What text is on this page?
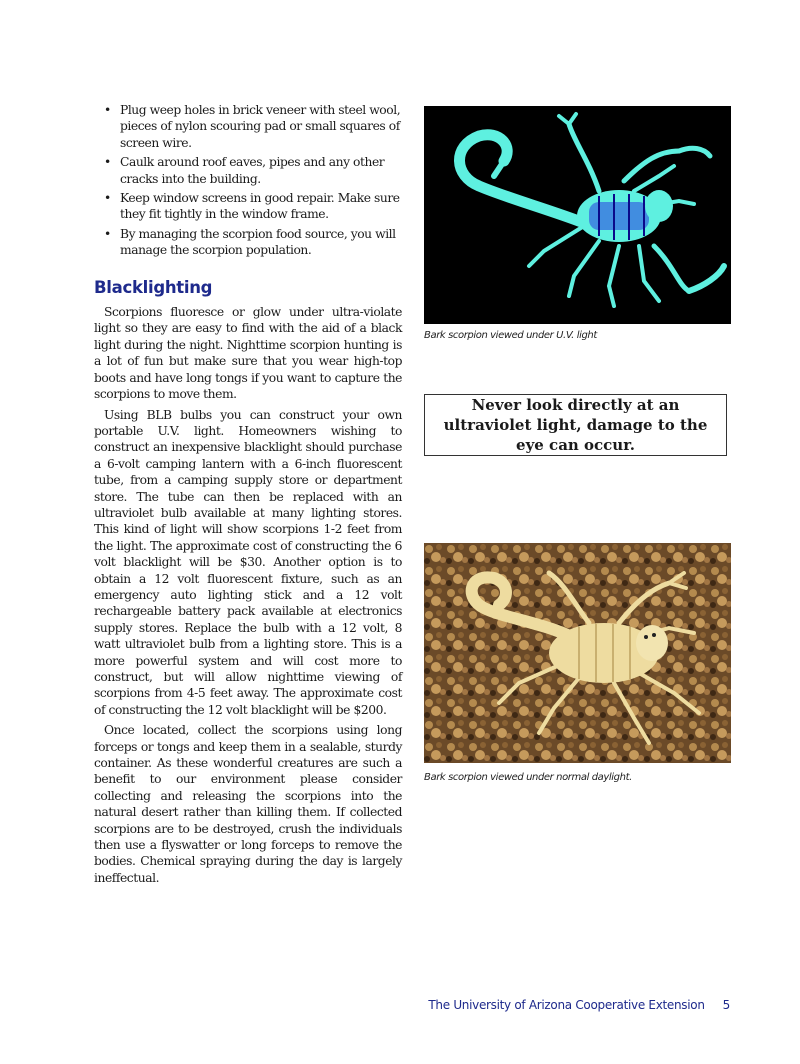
• Plug weep holes in brick veneer with steel wool, pieces of nylon scouring pad or small squares of screen wire.
• Caulk around roof eaves, pipes and any other cracks into the building.
• Keep window screens in good repair. Make sure they fit tightly in the window frame.
• By managing the scorpion food source, you will manage the scorpion population.
Blacklighting

Scorpions fluoresce or glow under ultra-violate light so they are easy to find with the aid of a black light during the night. Nighttime scorpion hunting is a lot of fun but make sure that you wear high-top boots and have long tongs if you want to capture the scorpions to move them.

Using BLB bulbs you can construct your own portable U.V. light. Homeowners wishing to construct an inexpensive blacklight should purchase a 6-volt camping lantern with a 6-inch fluorescent tube, from a camping supply store or department store. The tube can then be replaced with an ultraviolet bulb available at many lighting stores. This kind of light will show scorpions 1-2 feet from the light. The approximate cost of constructing the 6 volt blacklight will be $30. Another option is to obtain a 12 volt fluorescent fixture, such as an emergency auto lighting stick and a 12 volt rechargeable battery pack available at electronics supply stores. Replace the bulb with a 12 volt, 8 watt ultraviolet bulb from a lighting store. This is a more powerful system and will cost more to construct, but will allow nighttime viewing of scorpions from 4-5 feet away. The approximate cost of constructing the 12 volt blacklight will be $200.

Once located, collect the scorpions using long forceps or tongs and keep them in a sealable, sturdy container. As these wonderful creatures are such a benefit to our environment please consider collecting and releasing the scorpions into the natural desert rather than killing them. If collected scorpions are to be destroyed, crush the individuals then use a flyswatter or long forceps to remove the bodies. Chemical spraying during the day is largely ineffectual.

Bark scorpion viewed under U.V. light
Never look directly at an ultraviolet light, damage to the eye can occur.
Bark scorpion viewed under normal daylight.
The University of Arizona Cooperative Extension 5
